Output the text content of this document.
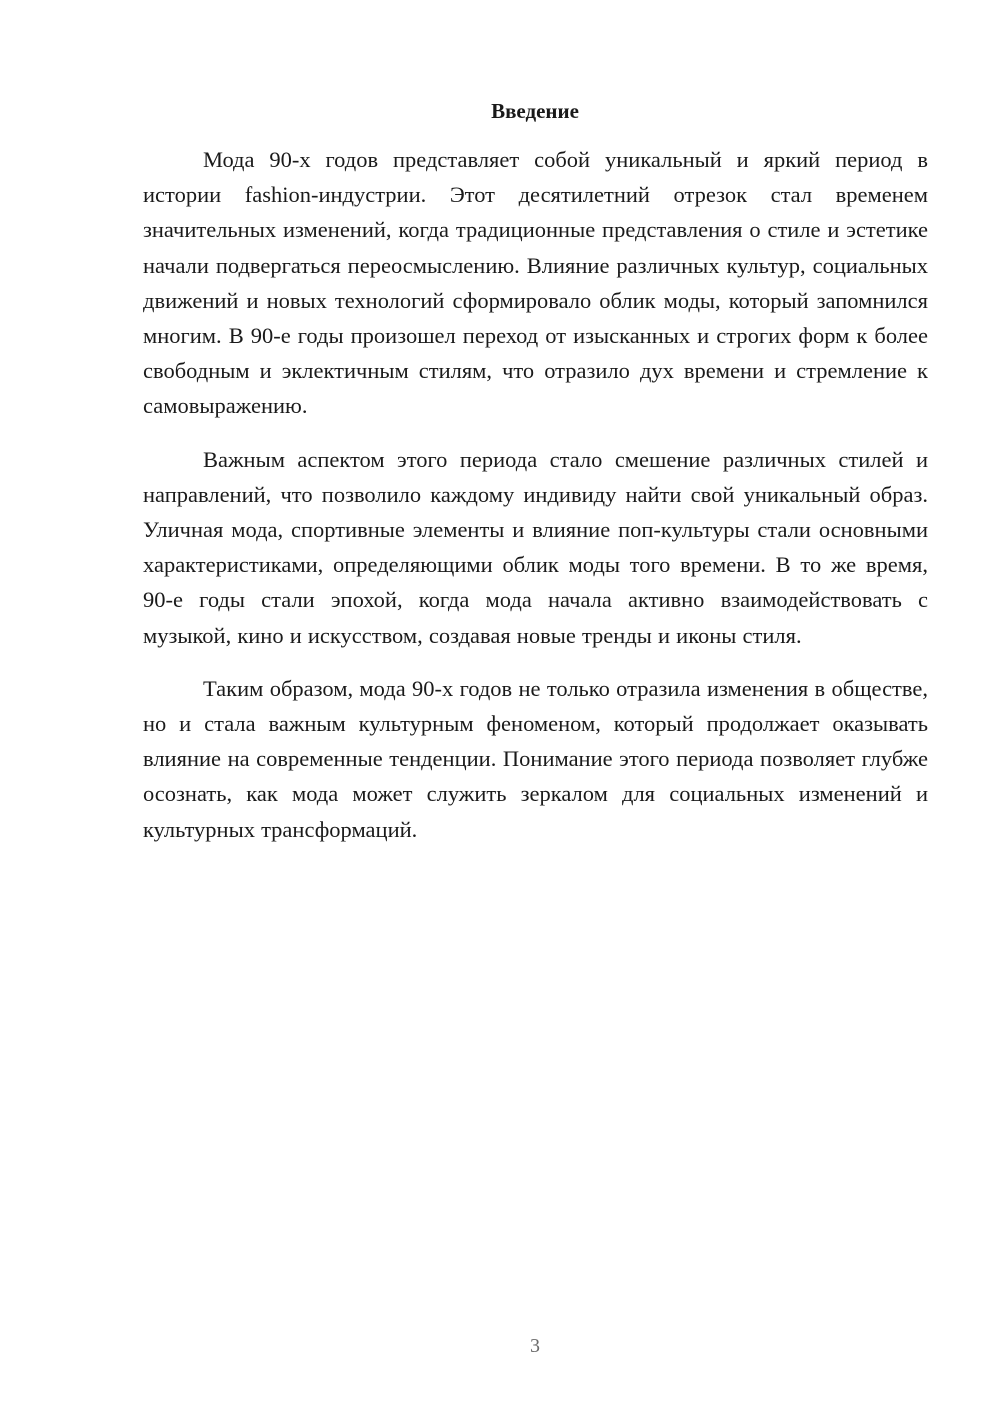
Введение

Мода 90-х годов представляет собой уникальный и яркий период в истории fashion-индустрии. Этот десятилетний отрезок стал временем значительных изменений, когда традиционные представления о стиле и эстетике начали подвергаться переосмыслению. Влияние различных культур, социальных движений и новых технологий сформировало облик моды, который запомнился многим. В 90-е годы произошел переход от изысканных и строгих форм к более свободным и эклектичным стилям, что отразило дух времени и стремление к самовыражению.

Важным аспектом этого периода стало смешение различных стилей и направлений, что позволило каждому индивиду найти свой уникальный образ. Уличная мода, спортивные элементы и влияние поп-культуры стали основными характеристиками, определяющими облик моды того времени. В то же время, 90-е годы стали эпохой, когда мода начала активно взаимодействовать с музыкой, кино и искусством, создавая новые тренды и иконы стиля.

Таким образом, мода 90-х годов не только отразила изменения в обществе, но и стала важным культурным феноменом, который продолжает оказывать влияние на современные тенденции. Понимание этого периода позволяет глубже осознать, как мода может служить зеркалом для социальных изменений и культурных трансформаций.

3
